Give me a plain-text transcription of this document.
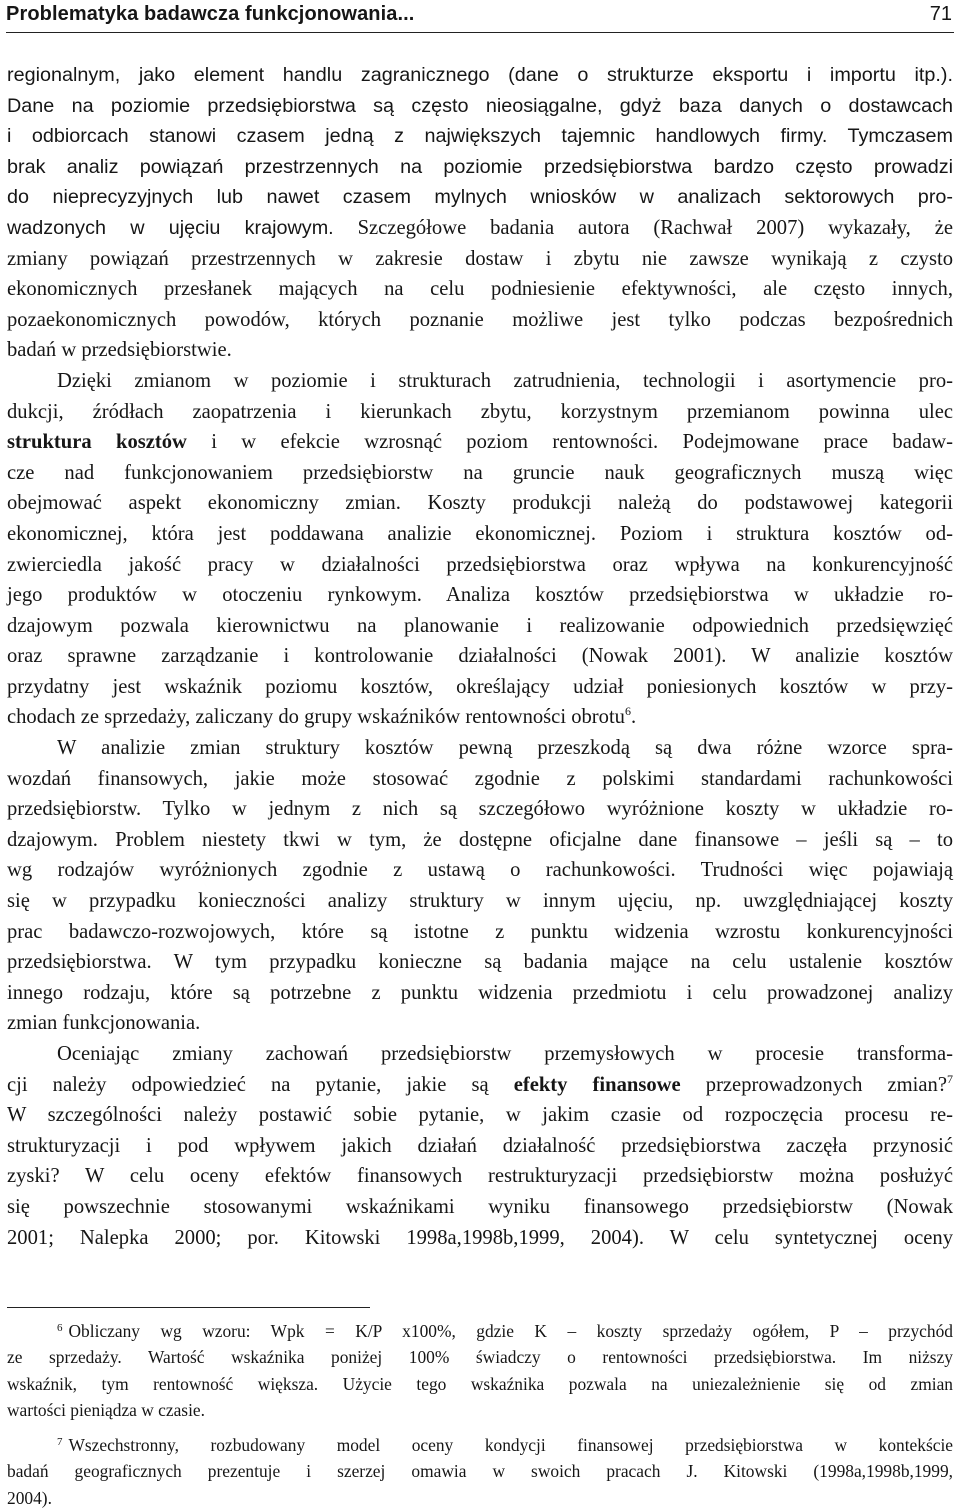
Problematyka badawcza funkcjonowania...	71
regionalnym, jako element handlu zagranicznego (dane o strukturze eksportu i importu itp.).
Dane na poziomie przedsiębiorstwa są często nieosiągalne, gdyż baza danych o dostawcach
i odbiorcach stanowi czasem jedną z największych tajemnic handlowych firmy. Tymczasem
brak analiz powiązań przestrzennych na poziomie przedsiębiorstwa bardzo często prowadzi
do nieprecyzyjnych lub nawet czasem mylnych wniosków w analizach sektorowych pro-
wadzonych w ujęciu krajowym. Szczegółowe badania autora (Rachwał 2007) wykazały, że
zmiany powiązań przestrzennych w zakresie dostaw i zbytu nie zawsze wynikają z czysto
ekonomicznych przesłanek mających na celu podniesienie efektywności, ale często innych,
pozaekonomicznych powodów, których poznanie możliwe jest tylko podczas bezpośrednich
badań w przedsiębiorstwie.
Dzięki zmianom w poziomie i strukturach zatrudnienia, technologii i asortymencie pro-
dukcji, źródłach zaopatrzenia i kierunkach zbytu, korzystnym przemianom powinna ulec
struktura kosztów i w efekcie wzrosnąć poziom rentowności. Podejmowane prace badaw-
cze nad funkcjonowaniem przedsiębiorstw na gruncie nauk geograficznych muszą więc
obejmować aspekt ekonomiczny zmian. Koszty produkcji należą do podstawowej kategorii
ekonomicznej, która jest poddawana analizie ekonomicznej. Poziom i struktura kosztów od-
zwierciedla jakość pracy w działalności przedsiębiorstwa oraz wpływa na konkurencyjność
jego produktów w otoczeniu rynkowym. Analiza kosztów przedsiębiorstwa w układzie ro-
dzajowym pozwala kierownictwu na planowanie i realizowanie odpowiednich przedsięwzięć
oraz sprawne zarządzanie i kontrolowanie działalności (Nowak 2001). W analizie kosztów
przydatny jest wskaźnik poziomu kosztów, określający udział poniesionych kosztów w przy-
chodach ze sprzedaży, zaliczany do grupy wskaźników rentowności obrotu$^6$.
W analizie zmian struktury kosztów pewną przeszkodą są dwa różne wzorce spra-
wozdań finansowych, jakie może stosować zgodnie z polskimi standardami rachunkowości
przedsiębiorstw. Tylko w jednym z nich są szczegółowo wyróżnione koszty w układzie ro-
dzajowym. Problem niestety tkwi w tym, że dostępne oficjalne dane finansowe – jeśli są – to
wg rodzajów wyróżnionych zgodnie z ustawą o rachunkowości. Trudności więc pojawiają
się w przypadku konieczności analizy struktury w innym ujęciu, np. uwzględniającej koszty
prac badawczo-rozwojowych, które są istotne z punktu widzenia wzrostu konkurencyjności
przedsiębiorstwa. W tym przypadku konieczne są badania mające na celu ustalenie kosztów
innego rodzaju, które są potrzebne z punktu widzenia przedmiotu i celu prowadzonej analizy
zmian funkcjonowania.
Oceniając zmiany zachowań przedsiębiorstw przemysłowych w procesie transforma-
cji należy odpowiedzieć na pytanie, jakie są efekty finansowe przeprowadzonych zmian?$^7$
W szczególności należy postawić sobie pytanie, w jakim czasie od rozpoczęcia procesu re-
strukturyzacji i pod wpływem jakich działań działalność przedsiębiorstwa zaczęła przynosić
zyski? W celu oceny efektów finansowych restrukturyzacji przedsiębiorstw można posłużyć
się powszechnie stosowanymi wskaźnikami wyniku finansowego przedsiębiorstw (Nowak
2001; Nalepka 2000; por. Kitowski 1998a,1998b,1999, 2004). W celu syntetycznej oceny
$^6$ Obliczany wg wzoru: Wpk = K/P x100%, gdzie K – koszty sprzedaży ogółem, P – przychód
ze sprzedaży. Wartość wskaźnika poniżej 100% świadczy o rentowności przedsiębiorstwa. Im niższy
wskaźnik, tym rentowność większa. Użycie tego wskaźnika pozwala na uniezależnienie się od zmian
wartości pieniądza w czasie.
$^7$ Wszechstronny, rozbudowany model oceny kondycji finansowej przedsiębiorstwa w kontekście
badań geograficznych prezentuje i szerzej omawia w swoich pracach J. Kitowski (1998a,1998b,1999,
2004).
